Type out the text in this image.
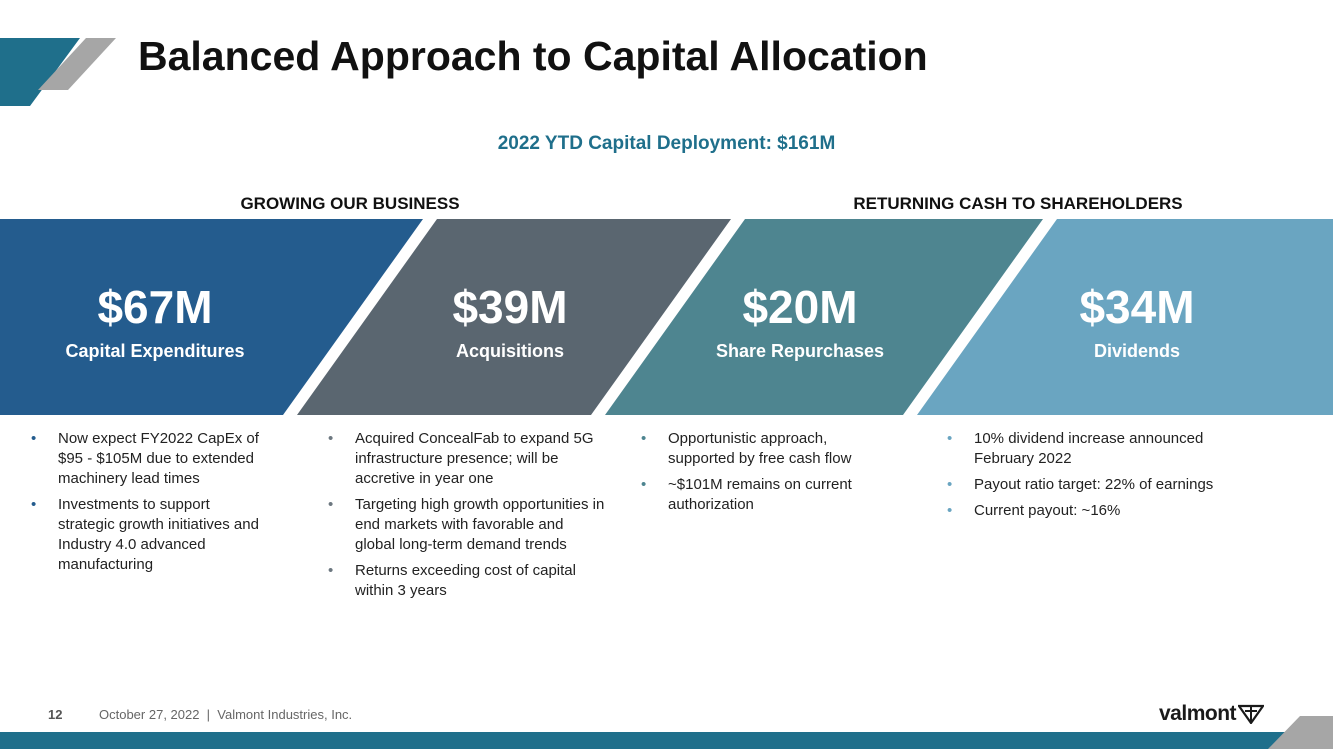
Balanced Approach to Capital Allocation
2022 YTD Capital Deployment: $161M
GROWING OUR BUSINESS	RETURNING CASH TO SHAREHOLDERS
$67M
Capital Expenditures
$39M
Acquisitions
$20M
Share Repurchases
$34M
Dividends
• Now expect FY2022 CapEx of $95 - $105M due to extended machinery lead times
• Investments to support strategic growth initiatives and Industry 4.0 advanced manufacturing
• Acquired ConcealFab to expand 5G infrastructure presence; will be accretive in year one
• Targeting high growth opportunities in end markets with favorable and global long-term demand trends
• Returns exceeding cost of capital within 3 years
• Opportunistic approach, supported by free cash flow
• ~$101M remains on current authorization
• 10% dividend increase announced February 2022
• Payout ratio target: 22% of earnings
• Current payout: ~16%
12	October 27, 2022  |  Valmont Industries, Inc.	valmont
